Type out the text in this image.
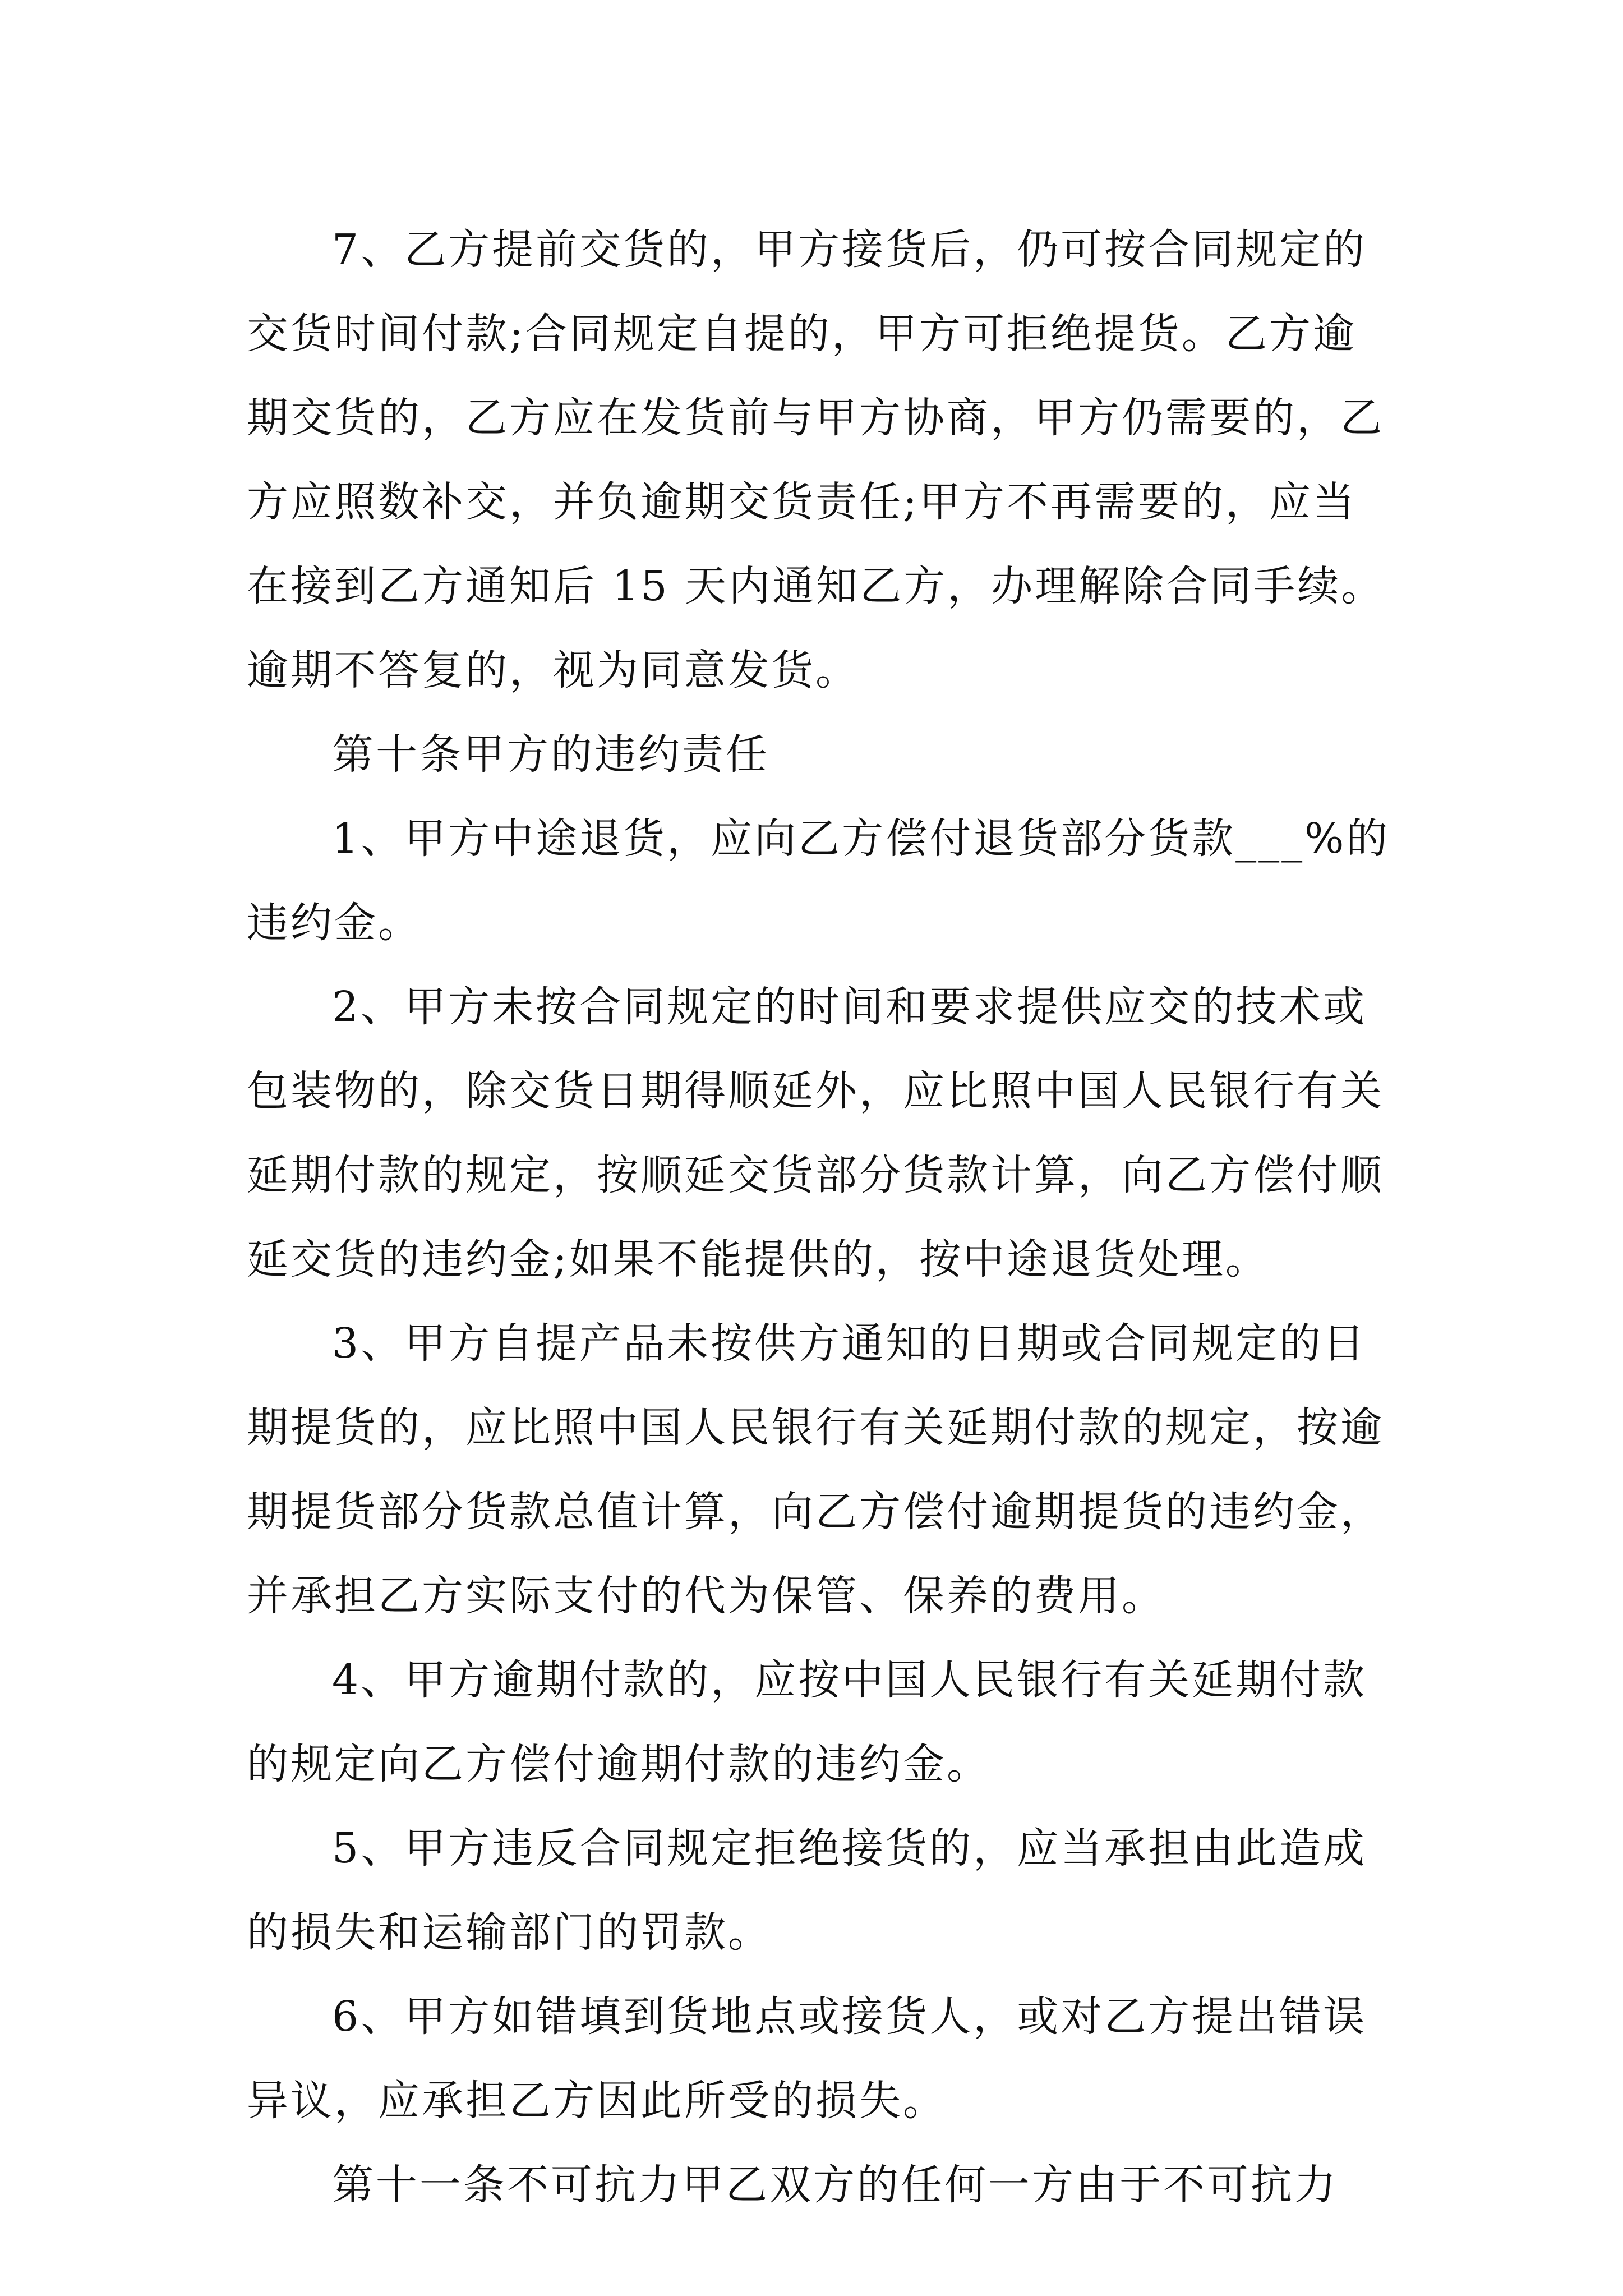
7、乙方提前交货的，甲方接货后，仍可按合同规定的
交货时间付款;合同规定自提的，甲方可拒绝提货。乙方逾
期交货的，乙方应在发货前与甲方协商，甲方仍需要的，乙
方应照数补交，并负逾期交货责任;甲方不再需要的，应当
在接到乙方通知后 15 天内通知乙方，办理解除合同手续。
逾期不答复的，视为同意发货。
第十条甲方的违约责任
1、甲方中途退货，应向乙方偿付退货部分货款___%的
违约金。
2、甲方未按合同规定的时间和要求提供应交的技术或
包装物的，除交货日期得顺延外，应比照中国人民银行有关
延期付款的规定，按顺延交货部分货款计算，向乙方偿付顺
延交货的违约金;如果不能提供的，按中途退货处理。
3、甲方自提产品未按供方通知的日期或合同规定的日
期提货的，应比照中国人民银行有关延期付款的规定，按逾
期提货部分货款总值计算，向乙方偿付逾期提货的违约金，
并承担乙方实际支付的代为保管、保养的费用。
4、甲方逾期付款的，应按中国人民银行有关延期付款
的规定向乙方偿付逾期付款的违约金。
5、甲方违反合同规定拒绝接货的，应当承担由此造成
的损失和运输部门的罚款。
6、甲方如错填到货地点或接货人，或对乙方提出错误
异议，应承担乙方因此所受的损失。
第十一条不可抗力甲乙双方的任何一方由于不可抗力
